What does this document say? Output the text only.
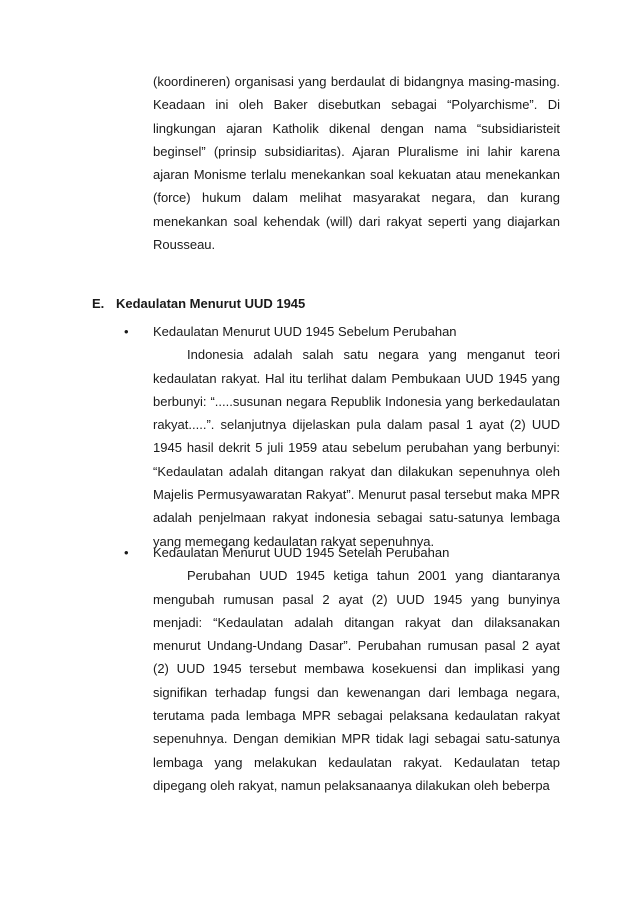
(koordineren) organisasi yang berdaulat di bidangnya masing-masing. Keadaan ini oleh Baker disebutkan sebagai “Polyarchisme”. Di lingkungan ajaran Katholik dikenal dengan nama “subsidiaristeit beginsel” (prinsip subsidiaritas). Ajaran Pluralisme ini lahir karena ajaran Monisme terlalu menekankan soal kekuatan atau menekankan (force) hukum dalam melihat masyarakat negara, dan kurang menekankan soal kehendak (will) dari rakyat seperti yang diajarkan Rousseau.
E. Kedaulatan Menurut UUD 1945
• Kedaulatan Menurut UUD 1945 Sebelum Perubahan
Indonesia adalah salah satu negara yang menganut teori kedaulatan rakyat. Hal itu terlihat dalam Pembukaan UUD 1945 yang berbunyi: “.....susunan negara Republik Indonesia yang berkedaulatan rakyat.....”. selanjutnya dijelaskan pula dalam pasal 1 ayat (2) UUD 1945 hasil dekrit 5 juli 1959 atau sebelum perubahan yang berbunyi: “Kedaulatan adalah ditangan rakyat dan dilakukan sepenuhnya oleh Majelis Permusyawaratan Rakyat”. Menurut pasal tersebut maka MPR adalah penjelmaan rakyat indonesia sebagai satu-satunya lembaga yang memegang kedaulatan rakyat sepenuhnya.
• Kedaulatan Menurut UUD 1945 Setelah Perubahan
Perubahan UUD 1945 ketiga tahun 2001 yang diantaranya mengubah rumusan pasal 2 ayat (2) UUD 1945 yang bunyinya menjadi: “Kedaulatan adalah ditangan rakyat dan dilaksanakan menurut Undang-Undang Dasar”. Perubahan rumusan pasal 2 ayat (2) UUD 1945 tersebut membawa kosekuensi dan implikasi yang signifikan terhadap fungsi dan kewenangan dari lembaga negara, terutama pada lembaga MPR sebagai pelaksana kedaulatan rakyat sepenuhnya. Dengan demikian MPR tidak lagi sebagai satu-satunya lembaga yang melakukan kedaulatan rakyat. Kedaulatan tetap dipegang oleh rakyat, namun pelaksanaanya dilakukan oleh beberpa
